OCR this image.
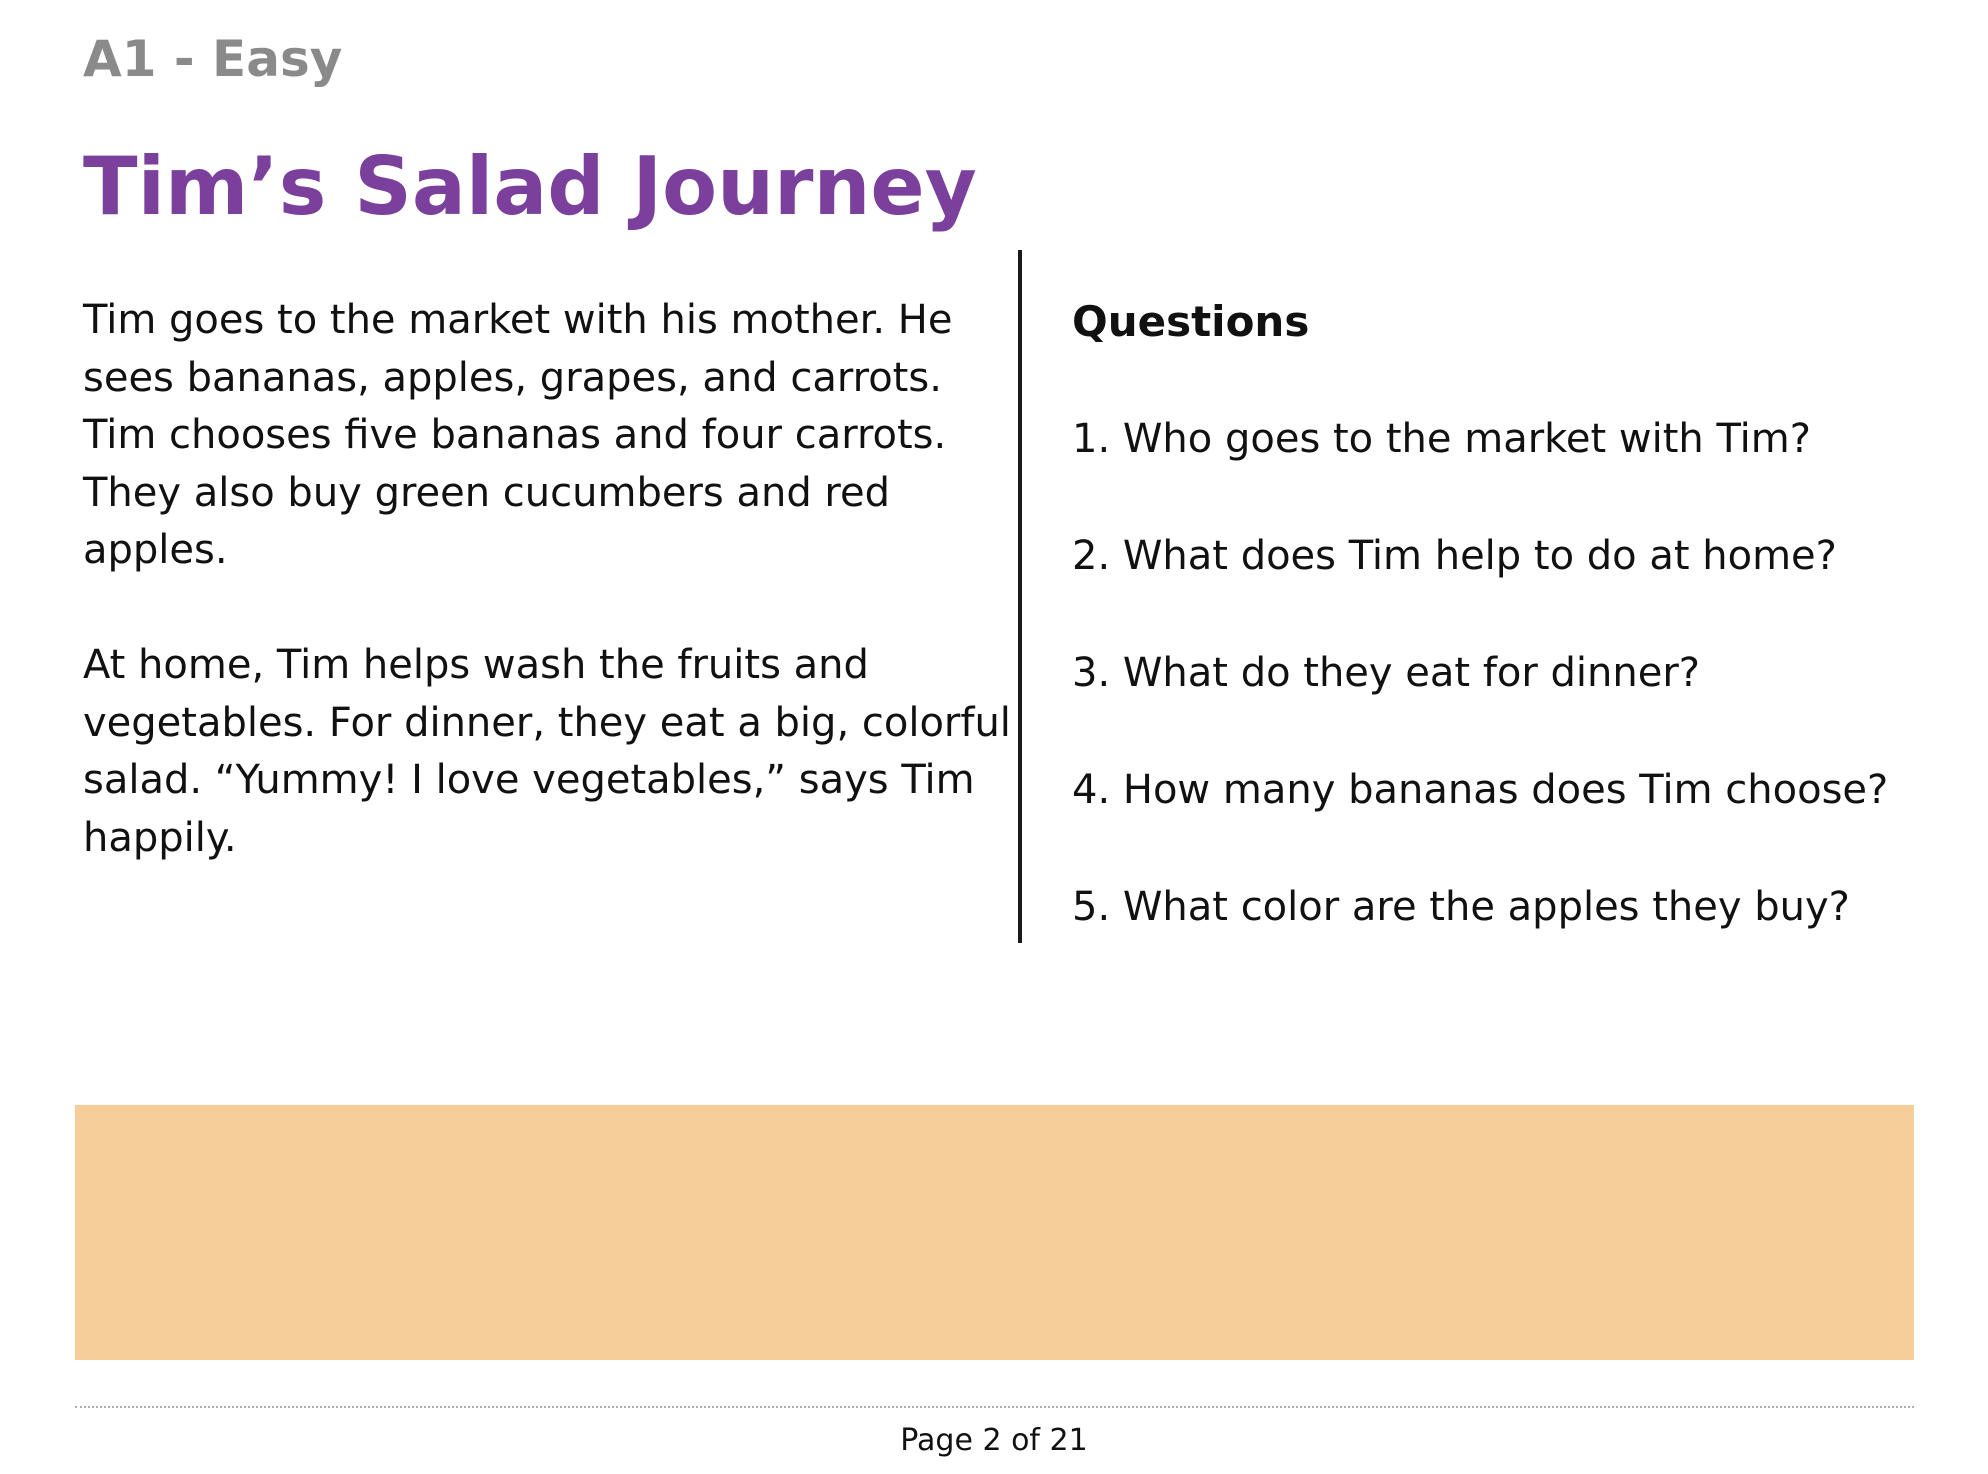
A1 - Easy
Tim’s Salad Journey

Tim goes to the market with his mother. He sees bananas, apples, grapes, and carrots. Tim chooses five bananas and four carrots. They also buy green cucumbers and red apples.

At home, Tim helps wash the fruits and vegetables. For dinner, they eat a big, colorful salad. “Yummy! I love vegetables,” says Tim happily.

Questions
1. Who goes to the market with Tim?
2. What does Tim help to do at home?
3. What do they eat for dinner?
4. How many bananas does Tim choose?
5. What color are the apples they buy?
Page 2 of 21
